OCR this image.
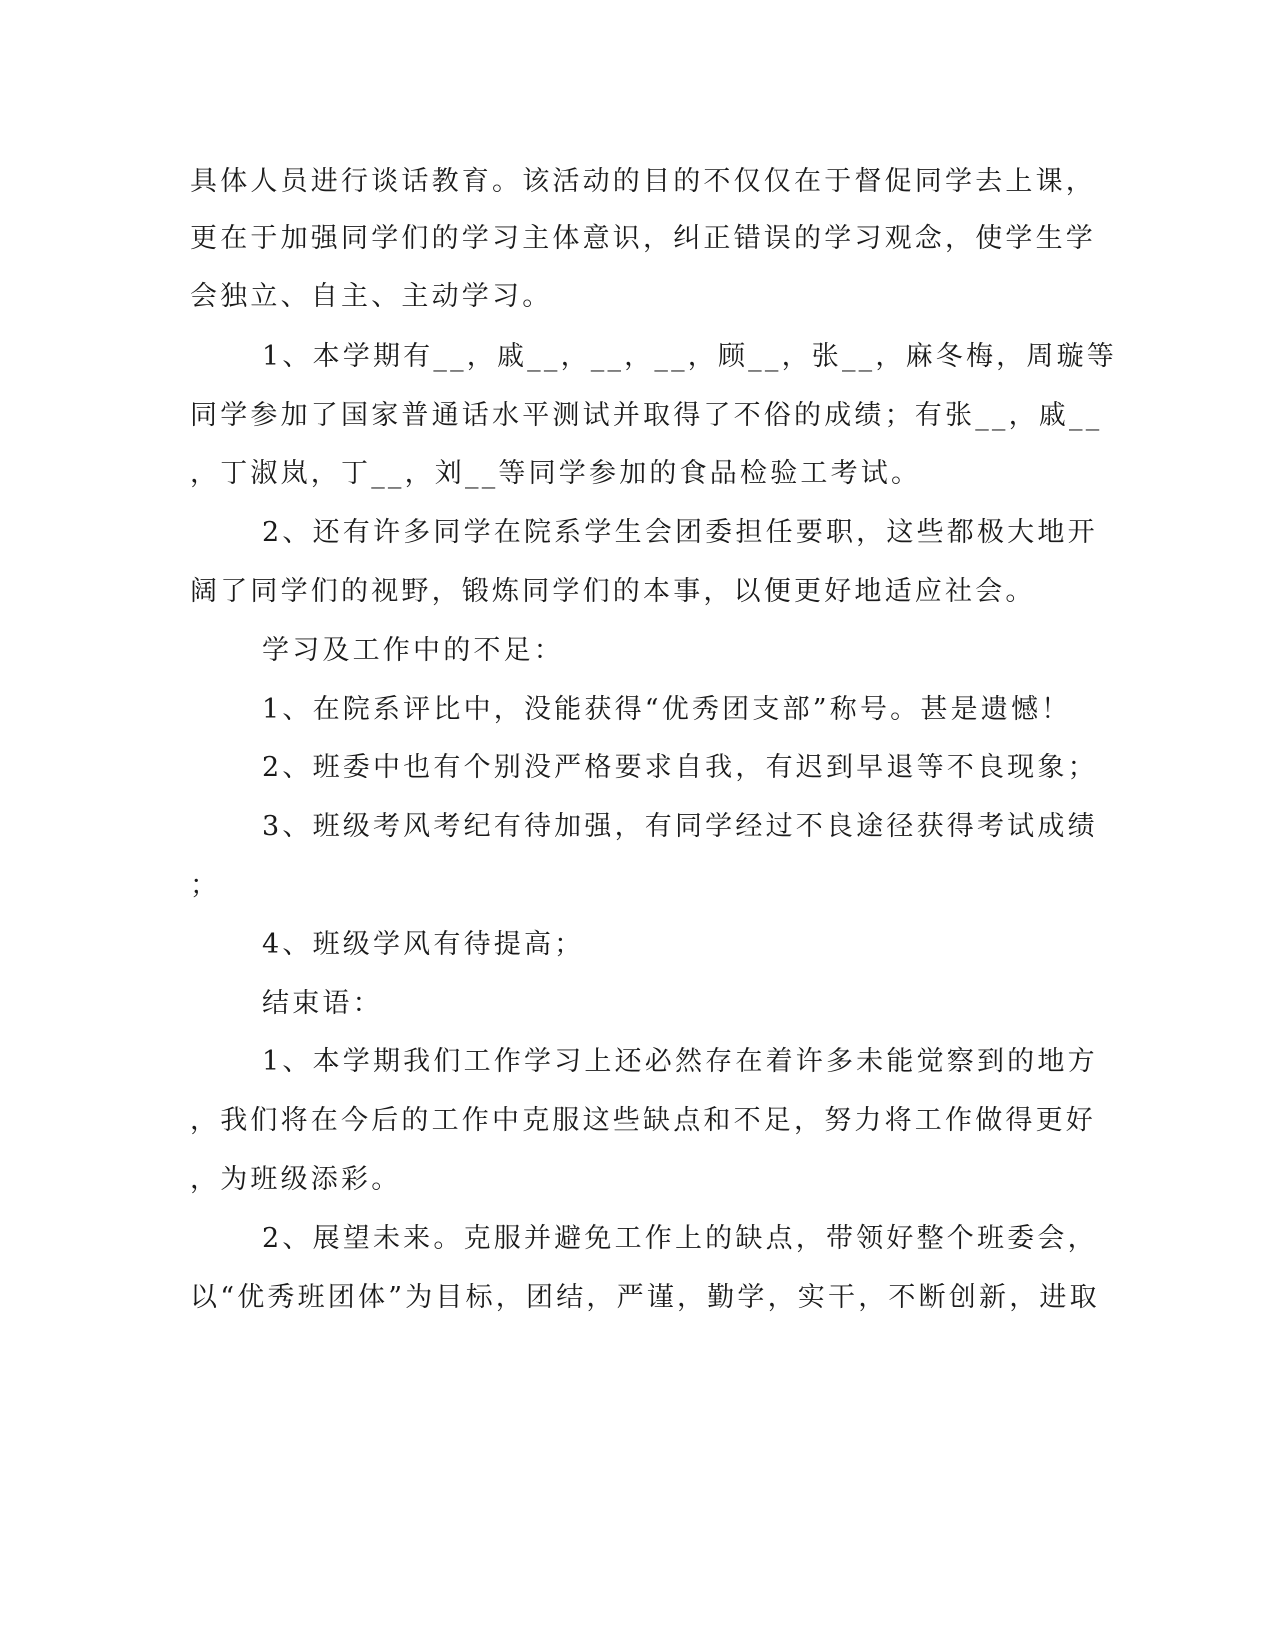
具体人员进行谈话教育。该活动的目的不仅仅在于督促同学去上课，
更在于加强同学们的学习主体意识，纠正错误的学习观念，使学生学
会独立、自主、主动学习。
1、本学期有__，戚__，__，__，顾__，张__，麻冬梅，周璇等
同学参加了国家普通话水平测试并取得了不俗的成绩；有张__，戚__
，丁淑岚，丁__，刘__等同学参加的食品检验工考试。
2、还有许多同学在院系学生会团委担任要职，这些都极大地开
阔了同学们的视野，锻炼同学们的本事，以便更好地适应社会。
学习及工作中的不足：
1、在院系评比中，没能获得“优秀团支部”称号。甚是遗憾！
2、班委中也有个别没严格要求自我，有迟到早退等不良现象；
3、班级考风考纪有待加强，有同学经过不良途径获得考试成绩
；
4、班级学风有待提高；
结束语：
1、本学期我们工作学习上还必然存在着许多未能觉察到的地方
，我们将在今后的工作中克服这些缺点和不足，努力将工作做得更好
，为班级添彩。
2、展望未来。克服并避免工作上的缺点，带领好整个班委会，
以“优秀班团体”为目标，团结，严谨，勤学，实干，不断创新，进取
